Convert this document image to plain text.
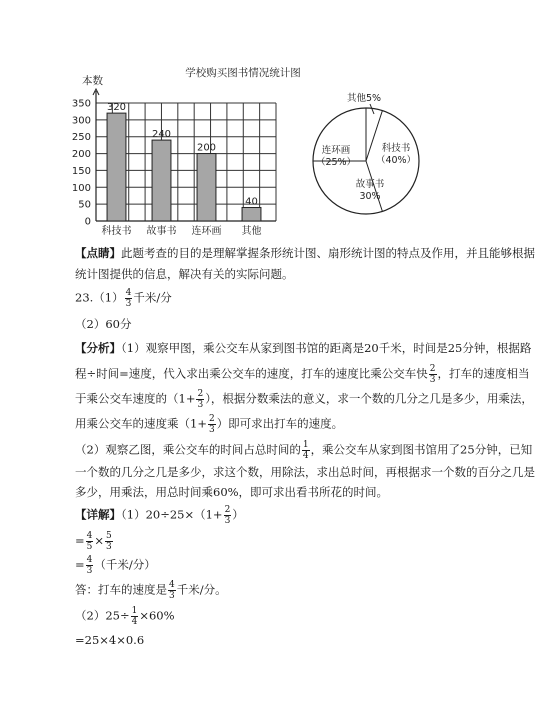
学校购买图书情况统计图
本数
0
50
100
150
200
250
300
350 320
科技书
240
故事书
200
连环画
40
其他
科技书
（40%）
故事书
30%
连环画
（25%）
其他5%
【点睛】此题考查的目的是理解掌握条形统计图、扇形统计图的特点及作用，并且能够根据
统计图提供的信息，解决有关的实际问题。
$23.(1) \frac{4}{3}$ 千米/分
（2）60分
【分析】（1）观察甲图，乘公交车从家到图书馆的距离是20千米，时间是25分钟，根据路
程÷时间=速度，代入求出乘公交车的速度，打车的速度比乘公交车快 $\frac{2}{3}$ ，打车的速度相当
于乘公交车速度的（$1+ \frac{2}{3}$ ），根据分数乘法的意义，求一个数的几分之几是多少，用乘法，
用乘公交车的速度乘（$1+ \frac{2}{3}$ ）即可求出打车的速度。
（2）观察乙图，乘公交车的时间占总时间的 $\frac{1}{4}$ ，乘公交车从家到图书馆用了25分钟，已知
一个数的几分之几是多少，求这个数，用除法，求出总时间，再根据求一个数的百分之几是
多少，用乘法，用总时间乘60%，即可求出看书所花的时间。
【详解】$(1)20\div 25\times(1+ \frac{2}{3}$ ）
= $\frac{4}{5} \times \frac{5}{3}$
= $\frac{4}{3}$ （千米/分）
答：打车的速度是 $\frac{4}{3}$ 千米/分。
$(2)25\div \frac{1}{4} \times 60\%$
=25×4×0.6
